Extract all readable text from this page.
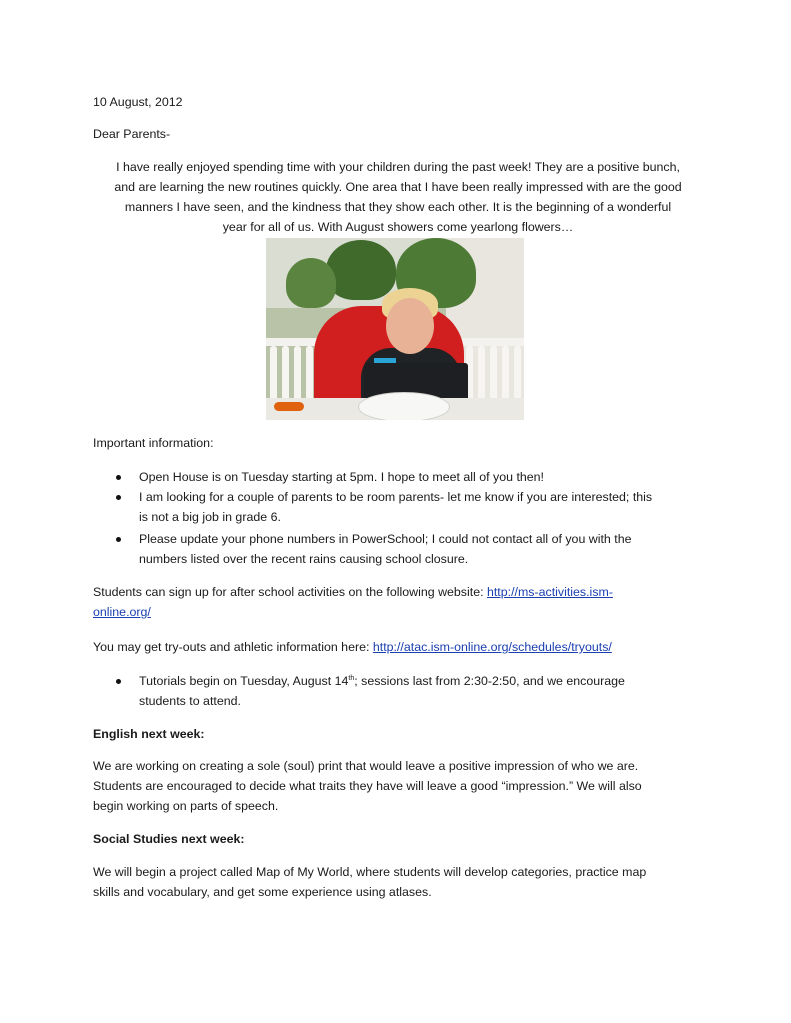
10 August, 2012

Dear Parents-

I have really enjoyed spending time with your children during the past week! They are a positive bunch,

and are learning the new routines quickly. One area that I have been really impressed with are the good

manners I have seen, and the kindness that they show each other. It is the beginning of a wonderful

year for all of us. With August showers come yearlong flowers…

Important information:

Open House is on Tuesday starting at 5pm. I hope to meet all of you then!
I am looking for a couple of parents to be room parents- let me know if you are interested; this
is not a big job in grade 6.
Please update your phone numbers in PowerSchool; I could not contact all of you with the
numbers listed over the recent rains causing school closure.

Students can sign up for after school activities on the following website: http://ms-activities.ism-

online.org/

You may get try-outs and athletic information here: http://atac.ism-online.org/schedules/tryouts/

Tutorials begin on Tuesday, August 14th; sessions last from 2:30-2:50, and we encourage
students to attend.

English next week:

We are working on creating a sole (soul) print that would leave a positive impression of who we are.

Students are encouraged to decide what traits they have will leave a good “impression.” We will also

begin working on parts of speech.

Social Studies next week:

We will begin a project called Map of My World, where students will develop categories, practice map

skills and vocabulary, and get some experience using atlases.
